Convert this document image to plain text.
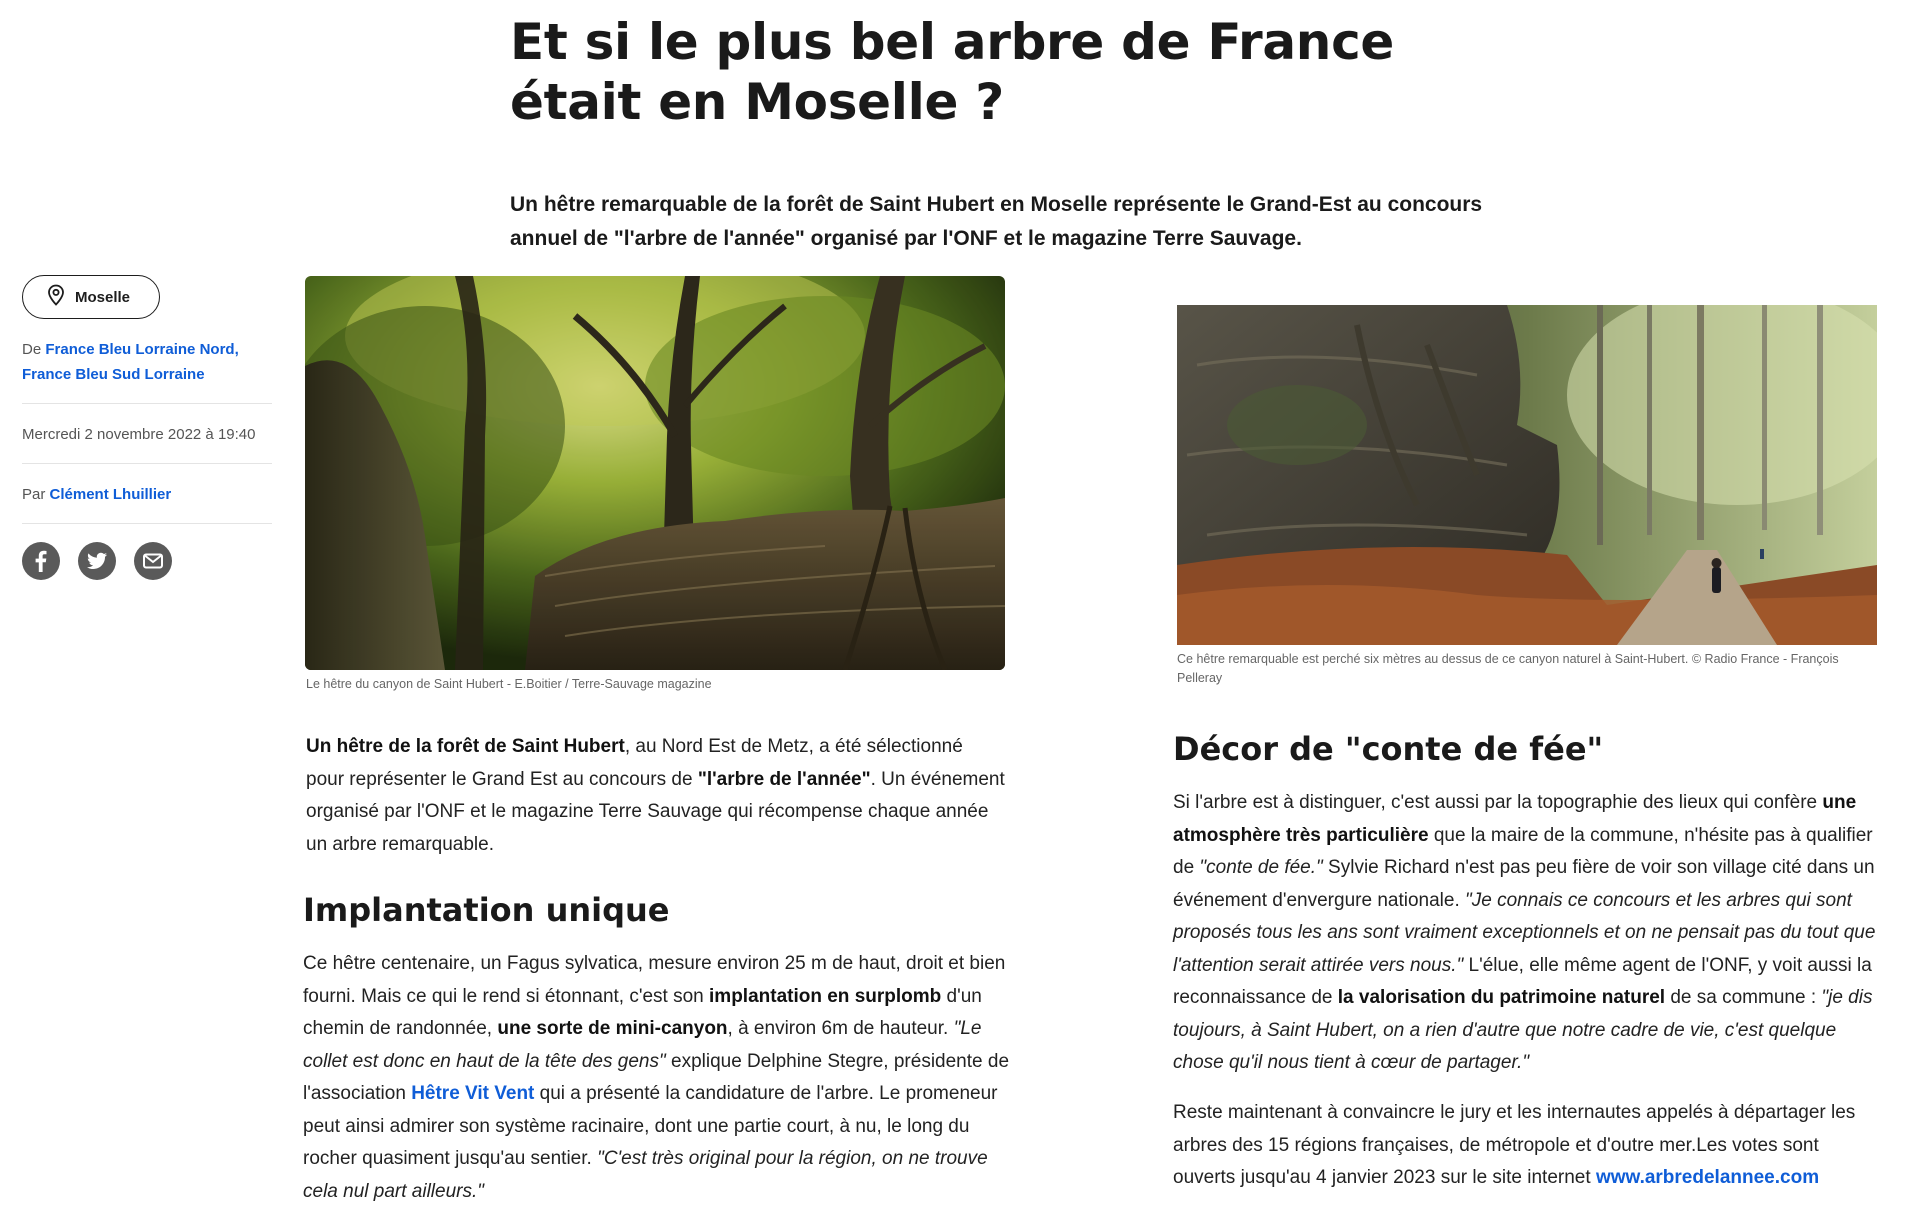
Et si le plus bel arbre de France était en Moselle ?

Un hêtre remarquable de la forêt de Saint Hubert en Moselle représente le Grand-Est au concours annuel de "l'arbre de l'année" organisé par l'ONF et le magazine Terre Sauvage.

Moselle
De France Bleu Lorraine Nord,
France Bleu Sud Lorraine
Mercredi 2 novembre 2022 à 19:40
Par Clément Lhuillier
Le hêtre du canyon de Saint Hubert - E.Boitier / Terre-Sauvage magazine
Ce hêtre remarquable est perché six mètres au dessus de ce canyon naturel à Saint-Hubert. © Radio France - François Pelleray

Un hêtre de la forêt de Saint Hubert, au Nord Est de Metz, a été sélectionné pour représenter le Grand Est au concours de "l'arbre de l'année". Un événement organisé par l'ONF et le magazine Terre Sauvage qui récompense chaque année un arbre remarquable.

Implantation unique

Ce hêtre centenaire, un Fagus sylvatica, mesure environ 25 m de haut, droit et bien fourni. Mais ce qui le rend si étonnant, c'est son implantation en surplomb d'un chemin de randonnée, une sorte de mini-canyon, à environ 6m de hauteur. "Le collet est donc en haut de la tête des gens" explique Delphine Stegre, présidente de l'association Hêtre Vit Vent qui a présenté la candidature de l'arbre. Le promeneur peut ainsi admirer son système racinaire, dont une partie court, à nu, le long du rocher quasiment jusqu'au sentier. "C'est très original pour la région, on ne trouve cela nul part ailleurs."

Décor de "conte de fée"

Si l'arbre est à distinguer, c'est aussi par la topographie des lieux qui confère une atmosphère très particulière que la maire de la commune, n'hésite pas à qualifier de "conte de fée." Sylvie Richard n'est pas peu fière de voir son village cité dans un événement d'envergure nationale. "Je connais ce concours et les arbres qui sont proposés tous les ans sont vraiment exceptionnels et on ne pensait pas du tout que l'attention serait attirée vers nous." L'élue, elle même agent de l'ONF, y voit aussi la reconnaissance de la valorisation du patrimoine naturel de sa commune : "je dis toujours, à Saint Hubert, on a rien d'autre que notre cadre de vie, c'est quelque chose qu'il nous tient à cœur de partager."

Reste maintenant à convaincre le jury et les internautes appelés à départager les arbres des 15 régions françaises, de métropole et d'outre mer.Les votes sont ouverts jusqu'au 4 janvier 2023 sur le site internet www.arbredelannee.com
